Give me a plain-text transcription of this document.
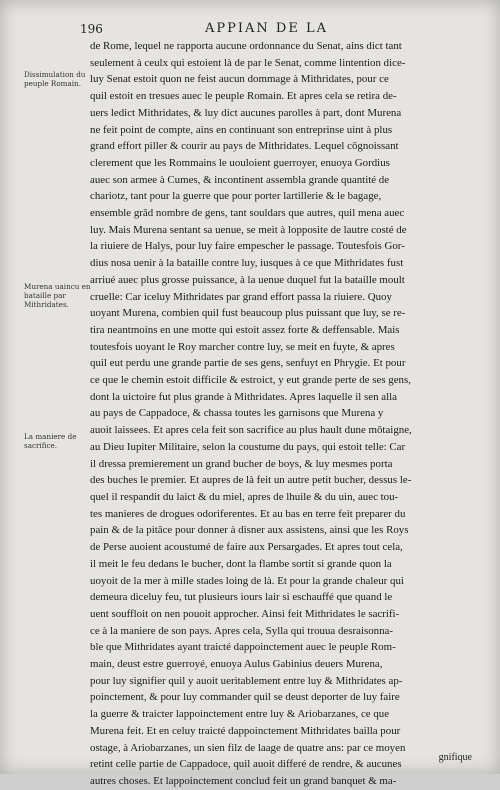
196	APPIAN DE LA
Dissimulation du peuple Romain.
Murena uaincu en bataille par Mithridates.
La maniere de sacrifice.
de Rome, lequel ne rapporta aucune ordonnance du Senat, ains dict tant
seulement à ceulx qui estoient là de par le Senat, comme lintention dice-
luy Senat estoit quon ne feist aucun dommage à Mithridates, pour ce
quil estoit en tresues auec le peuple Romain. Et apres cela se retira de-
uers ledict Mithridates, & luy dict aucunes parolles à part, dont Murena
ne feit point de compte, ains en continuant son entreprinse uint à plus
grand effort piller & courir au pays de Mithridates. Lequel cōgnoissant
clerement que les Rommains le uouloient guerroyer, enuoya Gordius
auec son armee à Cumes, & incontinent assembla grande quantité de
chariotz, tant pour la guerre que pour porter lartillerie & le bagage,
ensemble grād nombre de gens, tant souldars que autres, quil mena auec
luy. Mais Murena sentant sa uenue, se meit à lopposite de lautre costé de
la riuiere de Halys, pour luy faire empescher le passage. Toutesfois Gor-
dius nosa uenir à la bataille contre luy, iusques à ce que Mithridates fust
arriué auec plus grosse puissance, à la uenue duquel fut la bataille moult
cruelle: Car iceluy Mithridates par grand effort passa la riuiere. Quoy
uoyant Murena, combien quil fust beaucoup plus puissant que luy, se re-
tira neantmoins en une motte qui estoit assez forte & deffensable. Mais
toutesfois uoyant le Roy marcher contre luy, se meit en fuyte, & apres
quil eut perdu une grande partie de ses gens, senfuyt en Phrygie. Et pour
ce que le chemin estoit difficile & estroict, y eut grande perte de ses gens,
dont la uictoire fut plus grande à Mithridates. Apres laquelle il sen alla
au pays de Cappadoce, & chassa toutes les garnisons que Murena y
auoit laissees. Et apres cela feit son sacrifice au plus hault dune mōtaigne,
au Dieu Iupiter Militaire, selon la coustume du pays, qui estoit telle: Car
il dressa premierement un grand bucher de boys, & luy mesmes porta
des buches le premier. Et aupres de là feit un autre petit bucher, dessus le-
quel il respandit du laict & du miel, apres de lhuile & du uin, auec tou-
tes manieres de drogues odoriferentes. Et au bas en terre feit preparer du
pain & de la pitāce pour donner à disner aux assistens, ainsi que les Roys
de Perse auoient acoustumé de faire aux Persargades. Et apres tout cela,
il meit le feu dedans le bucher, dont la flambe sortit si grande quon la
uoyoit de la mer à mille stades loing de là. Et pour la grande chaleur qui
demeura diceluy feu, tut plusieurs iours lair si eschauffé que quand le
uent souffloit on nen pouoit approcher. Ainsi feit Mithridates le sacrifi-
ce à la maniere de son pays. Apres cela, Sylla qui trouua desraisonna-
ble que Mithridates ayant traicté dappoinctement auec le peuple Rom-
main, deust estre guerroyé, enuoya Aulus Gabinius deuers Murena,
pour luy signifier quil y auoit ueritablement entre luy & Mithridates ap-
poinctement, & pour luy commander quil se deust deporter de luy faire
la guerre & traicter lappoinctement entre luy & Ariobarzanes, ce que
Murena feit. Et en celuy traicté dappoinctement Mithridates bailla pour
ostage, à Ariobarzanes, un sien filz de laage de quatre ans: par ce moyen
retint celle partie de Cappadoce, quil auoit differé de rendre, & aucunes
autres choses. Et lappoinctement conclud feit un grand banquet & ma-
gnifique
